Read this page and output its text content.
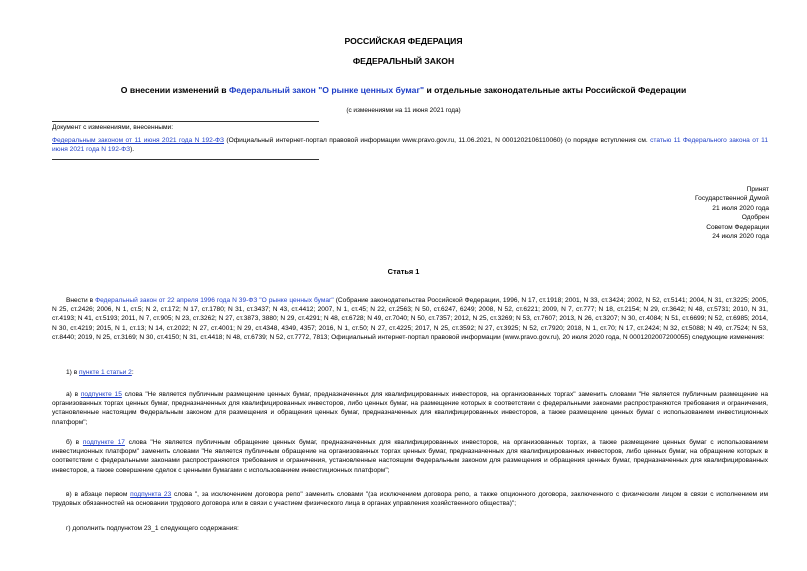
РОССИЙСКАЯ ФЕДЕРАЦИЯ
ФЕДЕРАЛЬНЫЙ ЗАКОН
О внесении изменений в Федеральный закон "О рынке ценных бумаг" и отдельные законодательные акты Российской Федерации
(с изменениями на 11 июня 2021 года)

Документ с изменениями, внесенными:

Федеральным законом от 11 июня 2021 года N 192-ФЗ (Официальный интернет-портал правовой информации www.pravo.gov.ru, 11.06.2021, N 0001202106110060) (о порядке вступления см. статью 11 Федерального закона от 11 июня 2021 года N 192-ФЗ).

Принят
Государственной Думой
21 июля 2020 года
Одобрен
Советом Федерации
24 июля 2020 года
Статья 1

Внести в Федеральный закон от 22 апреля 1996 года N 39-ФЗ "О рынке ценных бумаг" (Собрание законодательства Российской Федерации, 1996, N 17, ст.1918; 2001, N 33, ст.3424; 2002, N 52, ст.5141; 2004, N 31, ст.3225; 2005, N 25, ст.2426; 2006, N 1, ст.5; N 2, ст.172; N 17, ст.1780; N 31, ст.3437; N 43, ст.4412; 2007, N 1, ст.45; N 22, ст.2563; N 50, ст.6247, 6249; 2008, N 52, ст.6221; 2009, N 7, ст.777; N 18, ст.2154; N 29, ст.3642; N 48, ст.5731; 2010, N 31, ст.4193; N 41, ст.5193; 2011, N 7, ст.905; N 23, ст.3262; N 27, ст.3873, 3880; N 29, ст.4291; N 48, ст.6728; N 49, ст.7040; N 50, ст.7357; 2012, N 25, ст.3269; N 53, ст.7607; 2013, N 26, ст.3207; N 30, ст.4084; N 51, ст.6699; N 52, ст.6985; 2014, N 30, ст.4219; 2015, N 1, ст.13; N 14, ст.2022; N 27, ст.4001; N 29, ст.4348, 4349, 4357; 2016, N 1, ст.50; N 27, ст.4225; 2017, N 25, ст.3592; N 27, ст.3925; N 52, ст.7920; 2018, N 1, ст.70; N 17, ст.2424; N 32, ст.5088; N 49, ст.7524; N 53, ст.8440; 2019, N 25, ст.3169; N 30, ст.4150; N 31, ст.4418; N 48, ст.6739; N 52, ст.7772, 7813; Официальный интернет-портал правовой информации (www.pravo.gov.ru), 20 июля 2020 года, N 0001202007200055) следующие изменения:

1) в пункте 1 статьи 2:

а) в подпункте 15 слова "Не является публичным размещение ценных бумаг, предназначенных для квалифицированных инвесторов, на организованных торгах" заменить словами "Не является публичным размещение на организованных торгах ценных бумаг, предназначенных для квалифицированных инвесторов, либо ценных бумаг, на размещение которых в соответствии с федеральными законами распространяются требования и ограничения, установленные настоящим Федеральным законом для размещения и обращения ценных бумаг, предназначенных для квалифицированных инвесторов, а также размещение ценных бумаг с использованием инвестиционных платформ";

б) в подпункте 17 слова "Не является публичным обращение ценных бумаг, предназначенных для квалифицированных инвесторов, на организованных торгах, а также размещение ценных бумаг с использованием инвестиционных платформ" заменить словами "Не является публичным обращение на организованных торгах ценных бумаг, предназначенных для квалифицированных инвесторов, либо ценных бумаг, на обращение которых в соответствии с федеральными законами распространяются требования и ограничения, установленные настоящим Федеральным законом для размещения и обращения ценных бумаг, предназначенных для квалифицированных инвесторов, а также совершение сделок с ценными бумагами с использованием инвестиционных платформ";

в) в абзаце первом подпункта 23 слова ", за исключением договора репо" заменить словами "(за исключением договора репо, а также опционного договора, заключенного с физическим лицом в связи с исполнением им трудовых обязанностей на основании трудового договора или в связи с участием физического лица в органах управления хозяйственного общества)";

г) дополнить подпунктом 23_1 следующего содержания:
